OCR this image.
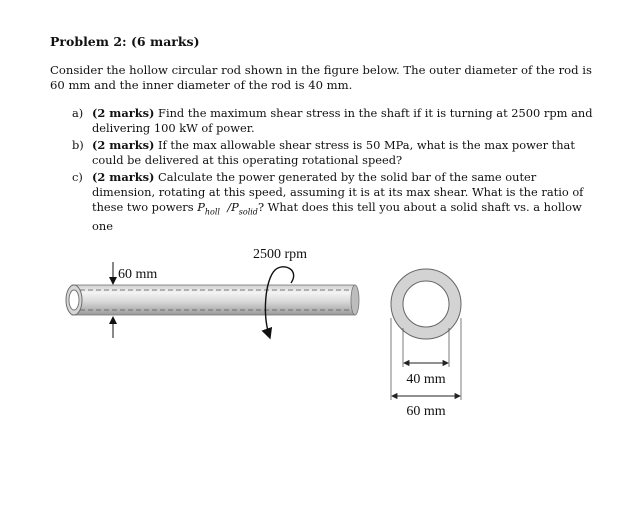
Problem 2: (6 marks)
Consider the hollow circular rod shown in the figure below. The outer diameter of the rod is 60 mm and the inner diameter of the rod is 40 mm.
a) (2 marks) Find the maximum shear stress in the shaft if it is turning at 2500 rpm and delivering 100 kW of power.
b) (2 marks) If the max allowable shear stress is 50 MPa, what is the max power that could be delivered at this operating rotational speed?
c) (2 marks) Calculate the power generated by the solid bar of the same outer dimension, rotating at this speed, assuming it is at its max shear. What is the ratio of these two powers $P_{holl}$  $/P_{solid}$? What does this tell you about a solid shaft vs. a hollow one
60 mm
2500 rpm
40 mm
60 mm
